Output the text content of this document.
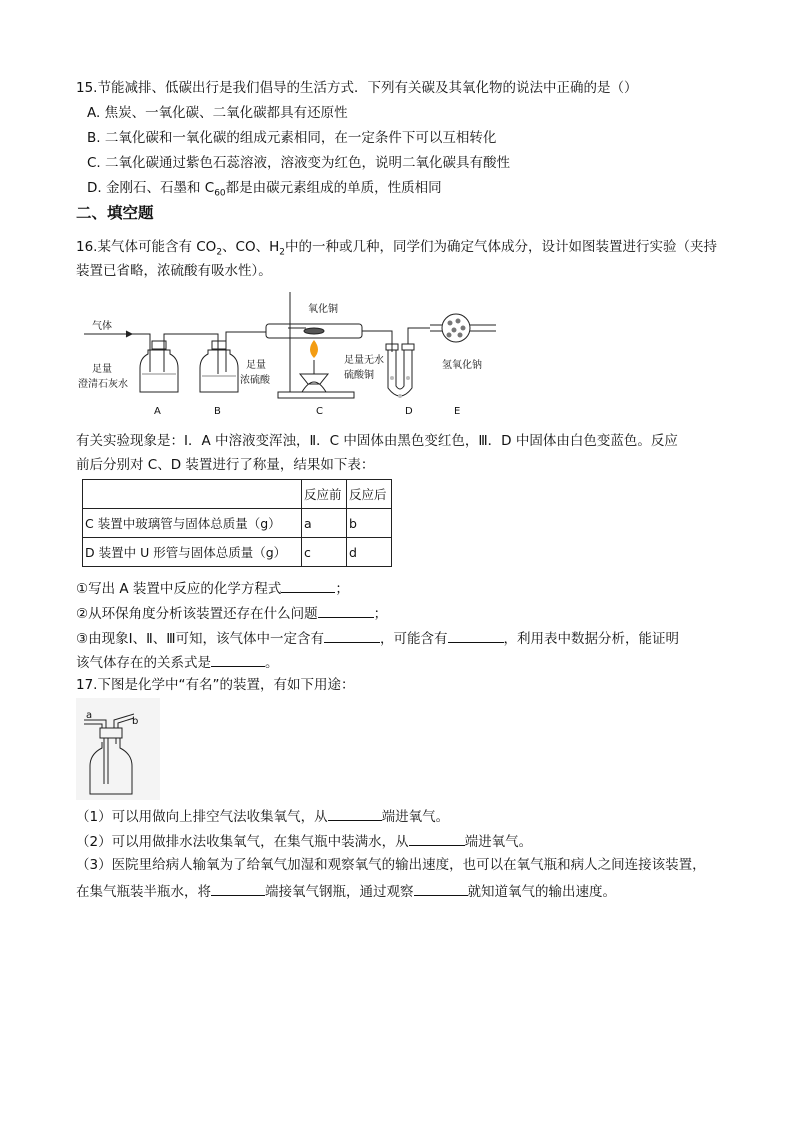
15.节能减排、低碳出行是我们倡导的生活方式．下列有关碳及其氧化物的说法中正确的是（）
A. 焦炭、一氧化碳、二氧化碳都具有还原性
B. 二氧化碳和一氧化碳的组成元素相同，在一定条件下可以互相转化
C. 二氧化碳通过紫色石蕊溶液，溶液变为红色，说明二氧化碳具有酸性
D. 金刚石、石墨和 $C_{60}$都是由碳元素组成的单质，性质相同
二、填空题
16.某气体可能含有 $CO_2$、CO、$H_2$中的一种或几种，同学们为确定气体成分，设计如图装置进行实验（夹持
装置已省略，浓硫酸有吸水性）。
气体
氧化铜
足量
澄清石灰水
足量
浓硫酸
足量无水
硫酸铜
氢氧化钠
A	B	C	D	E
有关实验现象是：Ⅰ．A 中溶液变浑浊，Ⅱ．C 中固体由黑色变红色，Ⅲ．D 中固体由白色变蓝色。反应
前后分别对 C、D 装置进行了称量，结果如下表：
	反应前	反应后
C 装置中玻璃管与固体总质量（g）	a	b
D 装置中 U 形管与固体总质量（g）	c	d
①写出 A 装置中反应的化学方程式	；
②从环保角度分析该装置还存在什么问题	；
③由现象Ⅰ、Ⅱ、Ⅲ可知，该气体中一定含有	，可能含有	，利用表中数据分析，能证明
该气体存在的关系式是	。
17.下图是化学中“有名”的装置，有如下用途：
a
b
（1）可以用做向上排空气法收集氧气，从	端进氧气。
（2）可以用做排水法收集氧气，在集气瓶中装满水，从	端进氧气。
（3）医院里给病人输氧为了给氧气加湿和观察氧气的输出速度，也可以在氧气瓶和病人之间连接该装置，
在集气瓶装半瓶水，将	端接氧气钢瓶，通过观察	就知道氧气的输出速度。
